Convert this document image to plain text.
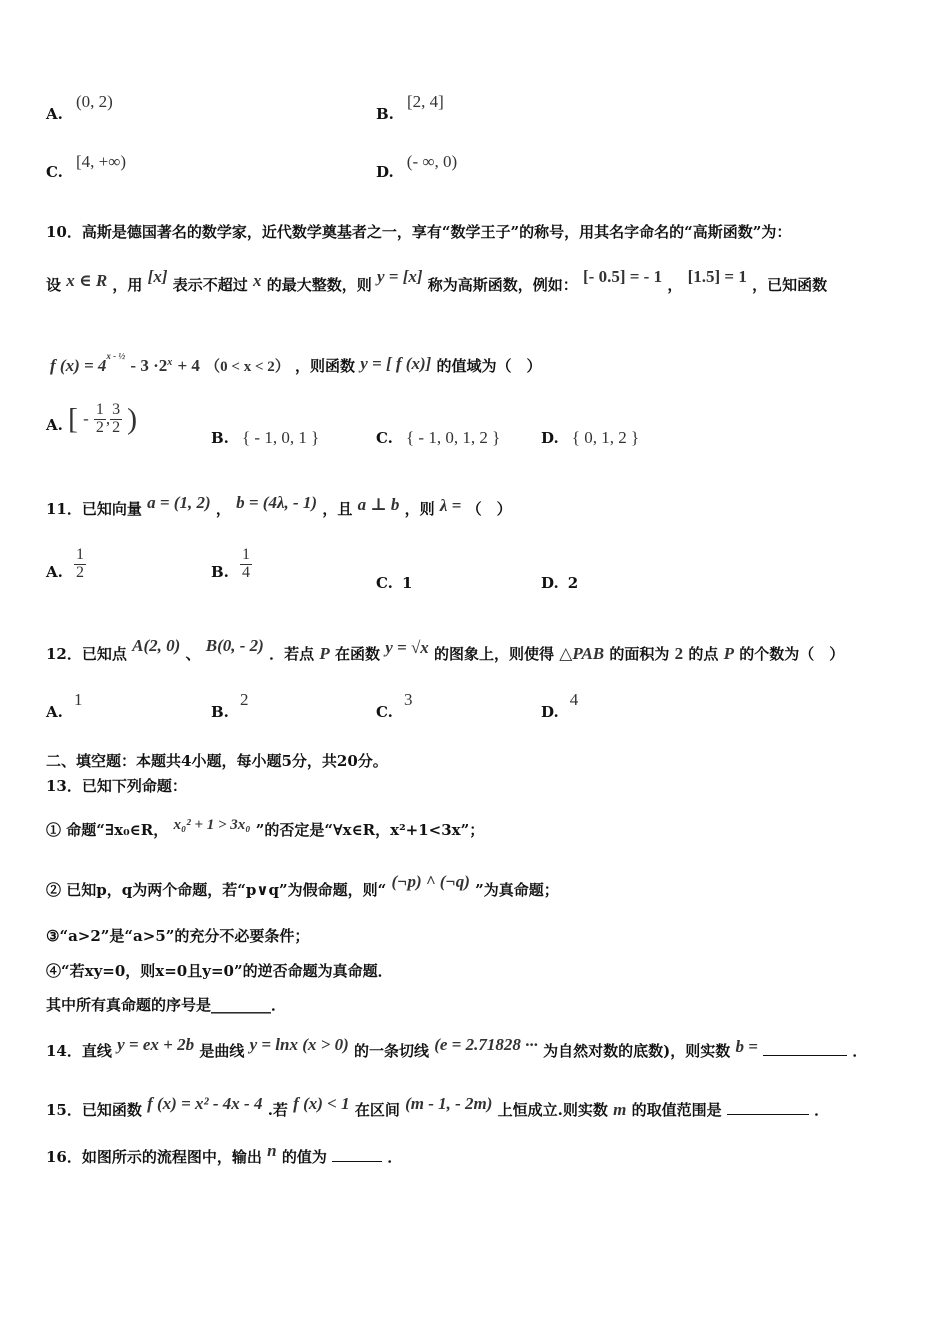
A. (0, 2)
B. [2, 4]
C. [4, +∞)
D. (- ∞, 0)
10．高斯是德国著名的数学家，近代数学奠基者之一，享有“数学王子”的称号，用其名字命名的“高斯函数”为：
设 x ∈ R ，用 [x] 表示不超过 x 的最大整数，则 y = [x] 称为高斯函数，例如： [- 0.5] = - 1 ， [1.5] = 1 ，已知函数
f $(x) = 4^{x - \frac{1}{2}} - 3 \cdot 2^x + 4$ （0 < x < 2） ，则函数 y = [ f (x)] 的值域为（　）
A. [ - $\frac{1}{2}$ , $\frac{3}{2}$ )
B. { - 1, 0, 1 }	C. { - 1, 0, 1, 2 }	D. { 0, 1, 2 }
11．已知向量 a = (1, 2) ， b = (4λ, - 1) ，且 a ⊥ b ，则 λ = （　）
A. $\frac{1}{2}$	B. $\frac{1}{4}$
C. 1	D. 2
12．已知点 A(2, 0) 、 B(0, - 2) ．若点 P 在函数 y = √x 的图象上，则使得 △PAB 的面积为 2 的点 P 的个数为（　）
A. 1
B. 2
C. 3
D. 4
二、填空题：本题共4小题，每小题5分，共20分。
13．已知下列命题：
① 命题“∃x₀∈R， x₀² + 1 > 3x₀ ”的否定是“∀x∈R，x²+1<3x”；
② 已知p，q为两个命题，若“p∨q”为假命题，则“ (¬p) ^ (¬q) ”为真命题；
③“a>2”是“a>5”的充分不必要条件；
④“若xy=0，则x=0且y=0”的逆否命题为真命题．
其中所有真命题的序号是________．
14．直线 y = ex + 2b 是曲线 y = lnx (x > 0) 的一条切线 (e = 2.71828 ··· 为自然对数的底数)，则实数 b =	．
15．已知函数 f (x) = x² - 4x - 4 .若 f (x) < 1 在区间 (m - 1, - 2m) 上恒成立.则实数 m 的取值范围是	．
16．如图所示的流程图中，输出 n 的值为	．
